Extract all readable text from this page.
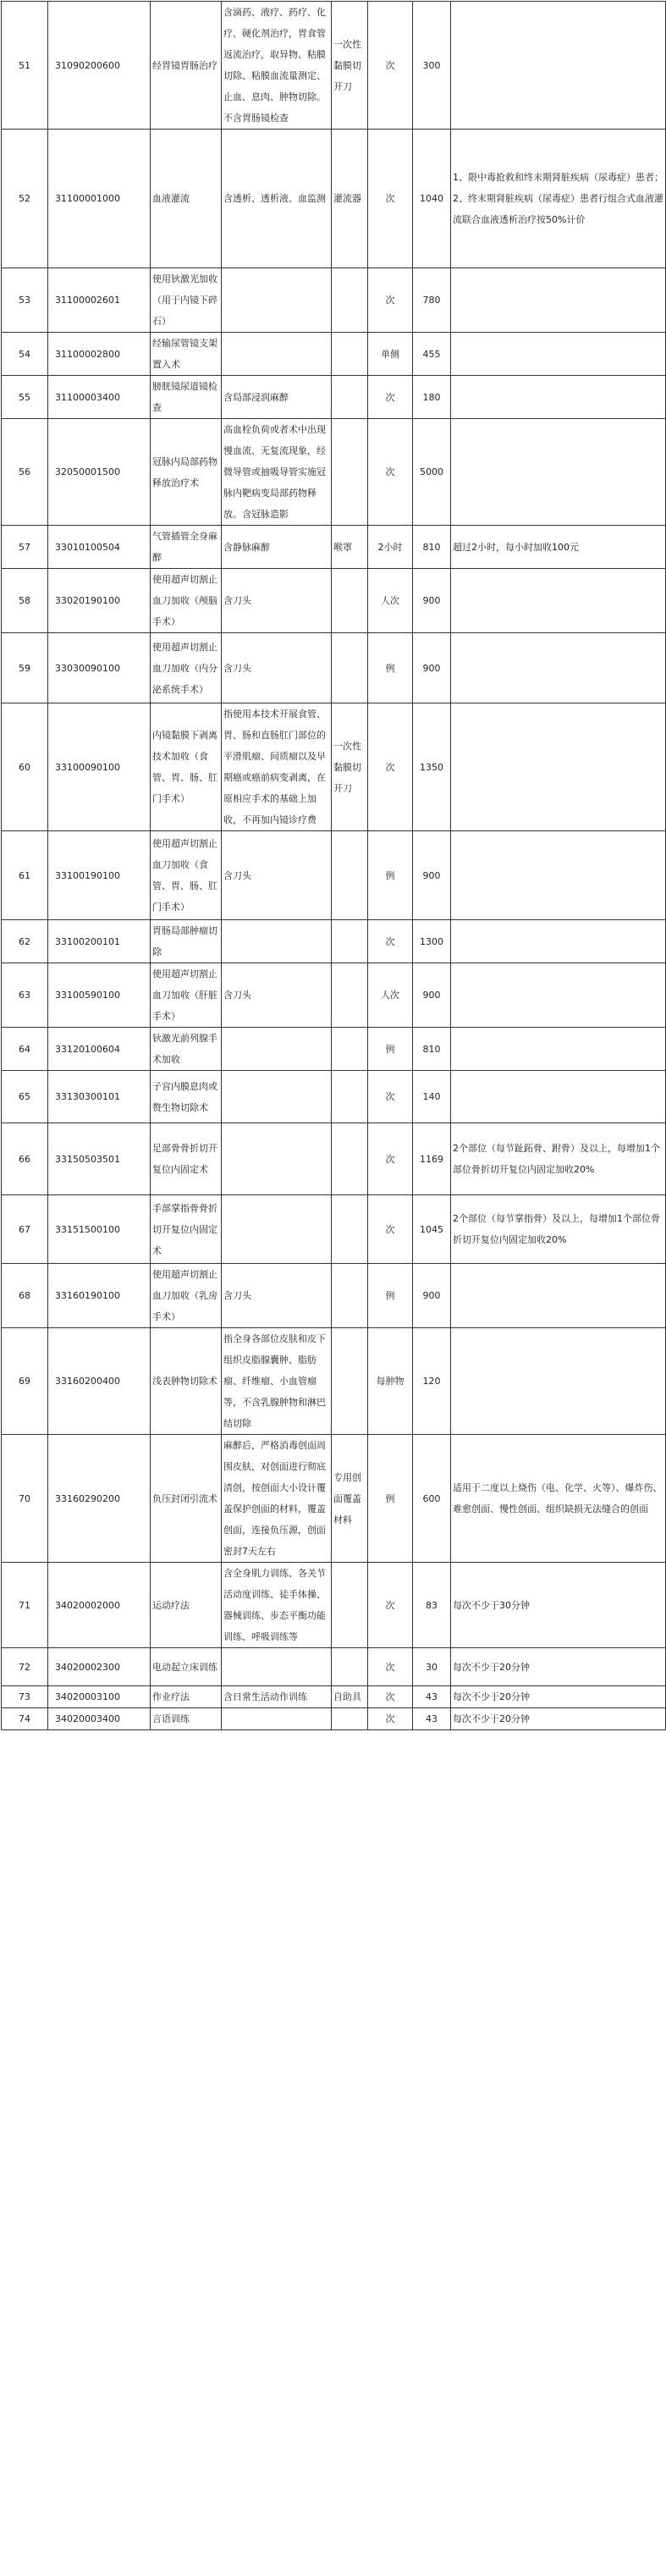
51	31090200600	经胃镜胃肠治疗	含滴药、液疗、药疗、化疗、硬化剂治疗，胃食管返流治疗，取异物、粘膜切除、粘膜血流量测定、止血、息肉、肿物切除。不含胃肠镜检查	一次性黏膜切开刀	次	300	
52	31100001000	血液灌流	含透析、透析液、血监测	灌流器	次	1040	1、限中毒抢救和终末期肾脏疾病（尿毒症）患者；2、终末期肾脏疾病（尿毒症）患者行组合式血液灌流联合血液透析治疗按50%计价
53	31100002601	使用钬激光加收（用于内镜下碎石）			次	780	
54	31100002800	经输尿管镜支架置入术			单侧	455	
55	31100003400	膀胱镜尿道镜检查	含局部浸润麻醉		次	180	
56	32050001500	冠脉内局部药物释放治疗术	高血栓负荷或者术中出现慢血流、无复流现象，经微导管或抽吸导管实施冠脉内靶病变局部药物释放。含冠脉造影		次	5000	
57	33010100504	气管插管全身麻醉	含静脉麻醉	喉罩	2小时	810	超过2小时，每小时加收100元
58	33020190100	使用超声切割止血刀加收（颅脑手术）	含刀头		人次	900	
59	33030090100	使用超声切割止血刀加收（内分泌系统手术）	含刀头		例	900	
60	33100090100	内镜黏膜下剥离技术加收（食管、胃、肠、肛门手术）	指使用本技术开展食管、胃、肠和直肠肛门部位的平滑肌瘤、间质瘤以及早期癌或癌前病变剥离，在原相应手术的基础上加收，不再加内镜诊疗费	一次性黏膜切开刀	次	1350	
61	33100190100	使用超声切割止血刀加收（食管、胃、肠、肛门手术）	含刀头		例	900	
62	33100200101	胃肠局部肿瘤切除			次	1300	
63	33100590100	使用超声切割止血刀加收（肝脏手术）	含刀头		人次	900	
64	33120100604	钬激光前列腺手术加收			例	810	
65	33130300101	子宫内膜息肉或赘生物切除术			次	140	
66	33150503501	足部骨骨折切开复位内固定术			次	1169	2个部位（每节趾跖骨、跗骨）及以上，每增加1个部位骨折切开复位内固定加收20%
67	33151500100	手部掌指骨骨折切开复位内固定术			次	1045	2个部位（每节掌指骨）及以上，每增加1个部位骨折切开复位内固定加收20%
68	33160190100	使用超声切割止血刀加收（乳房手术）	含刀头		例	900	
69	33160200400	浅表肿物切除术	指全身各部位皮肤和皮下组织皮脂腺囊肿、脂肪瘤、纤维瘤、小血管瘤等，不含乳腺肿物和淋巴结切除		每肿物	120	
70	33160290200	负压封闭引流术	麻醉后，严格消毒创面周围皮肤，对创面进行彻底清创，按创面大小设计覆盖保护创面的材料，覆盖创面，连接负压源，创面密封7天左右	专用创面覆盖材料	例	600	适用于二度以上烧伤（电、化学、火等）、爆炸伤、难愈创面、慢性创面、组织缺损无法缝合的创面
71	34020002000	运动疗法	含全身肌力训练、各关节活动度训练、徒手体操、器械训练、步态平衡功能训练、呼吸训练等		次	83	每次不少于30分钟
72	34020002300	电动起立床训练			次	30	每次不少于20分钟
73	34020003100	作业疗法	含日常生活动作训练	自助具	次	43	每次不少于20分钟
74	34020003400	言语训练			次	43	每次不少于20分钟
